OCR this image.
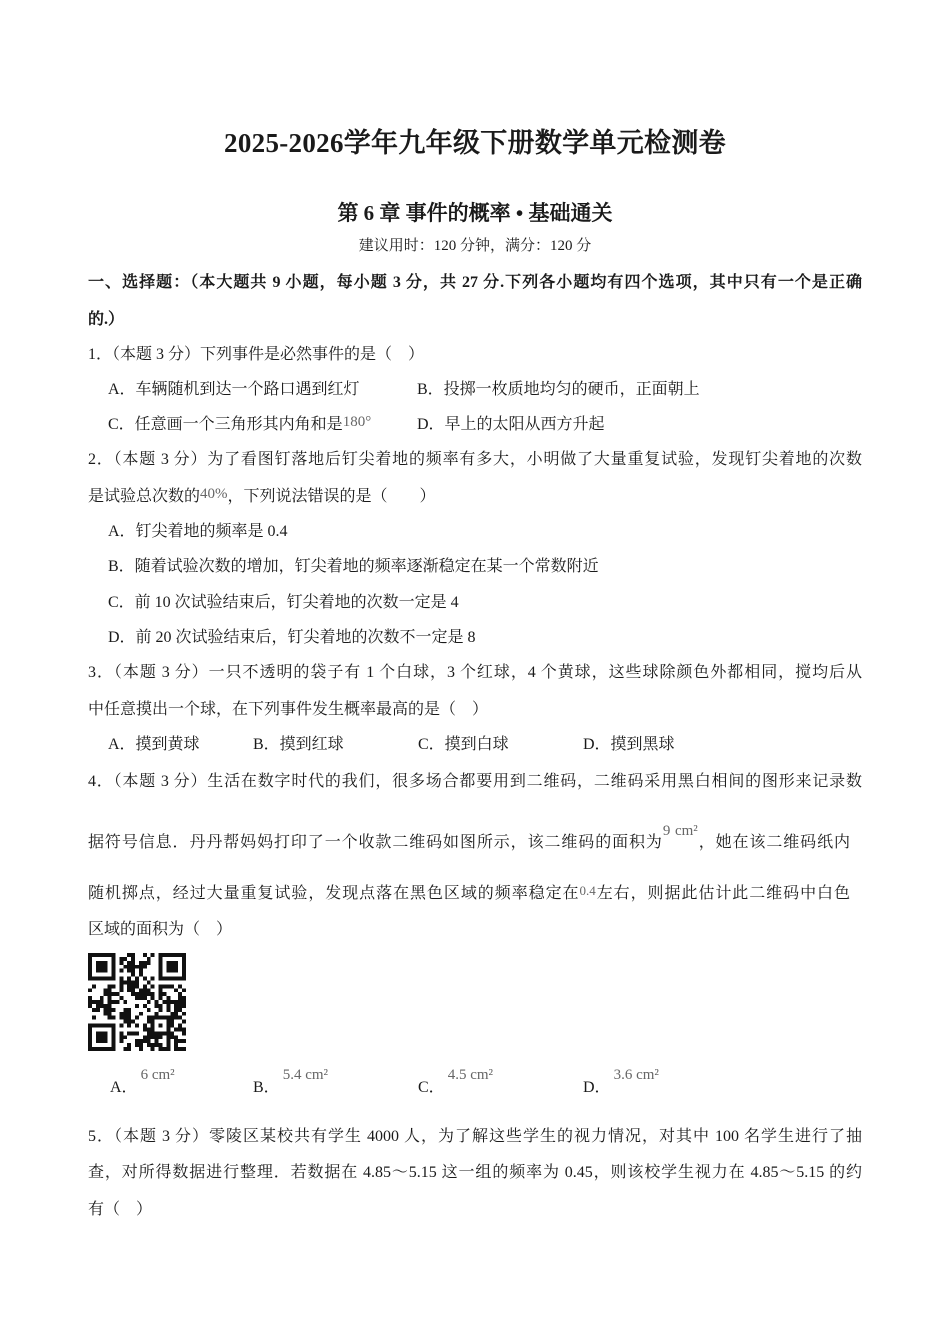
2025-2026学年九年级下册数学单元检测卷
第 6 章 事件的概率 • 基础通关
建议用时：120 分钟，满分：120 分
一、选择题：（本大题共 9 小题，每小题 3 分，共 27 分.下列各小题均有四个选项，其中只有一个是正确
的.）
1．（本题 3 分）下列事件是必然事件的是（    ）
A．车辆随机到达一个路口遇到红灯	B．投掷一枚质地均匀的硬币，正面朝上
C．任意画一个三角形其内角和是180°	D．早上的太阳从西方升起
2．（本题 3 分）为了看图钉落地后钉尖着地的频率有多大，小明做了大量重复试验，发现钉尖着地的次数
是试验总次数的40%，下列说法错误的是（        ）
A．钉尖着地的频率是 0.4
B．随着试验次数的增加，钉尖着地的频率逐渐稳定在某一个常数附近
C．前 10 次试验结束后，钉尖着地的次数一定是 4
D．前 20 次试验结束后，钉尖着地的次数不一定是 8
3．（本题 3 分）一只不透明的袋子有 1 个白球，3 个红球，4 个黄球，这些球除颜色外都相同，搅均后从
中任意摸出一个球，在下列事件发生概率最高的是（    ）
A．摸到黄球	B．摸到红球	C．摸到白球	D．摸到黑球
4．（本题 3 分）生活在数字时代的我们，很多场合都要用到二维码，二维码采用黑白相间的图形来记录数
据符号信息．丹丹帮妈妈打印了一个收款二维码如图所示，该二维码的面积为9 cm²，她在该二维码纸内
随机掷点，经过大量重复试验，发现点落在黑色区域的频率稳定在0.4左右，则据此估计此二维码中白色
区域的面积为（    ）
A．6 cm²
B．5.4 cm²
C．4.5 cm²
D．3.6 cm²
5．（本题 3 分）零陵区某校共有学生 4000 人，为了解这些学生的视力情况，对其中 100 名学生进行了抽
查，对所得数据进行整理．若数据在 4.85～5.15 这一组的频率为 0.45，则该校学生视力在 4.85～5.15 的约
有（    ）
